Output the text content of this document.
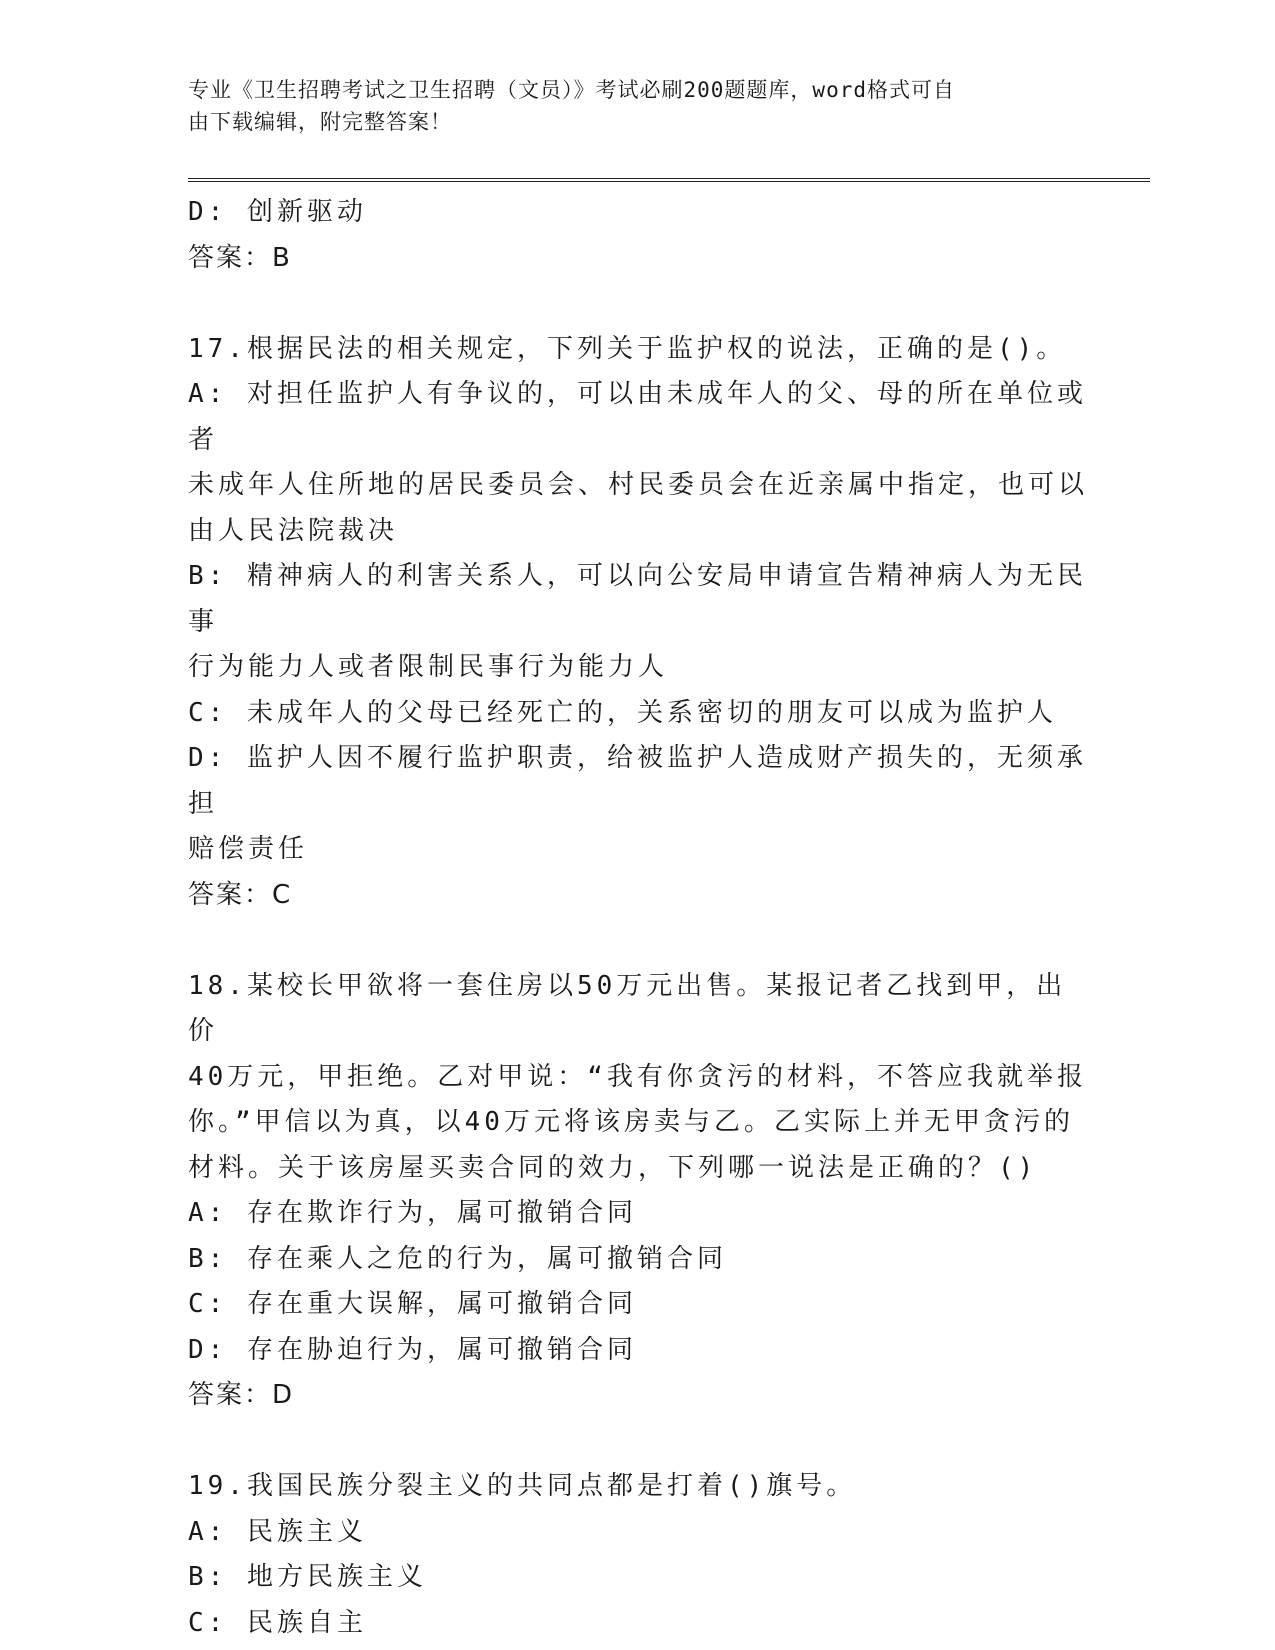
专业《卫生招聘考试之卫生招聘（文员）》考试必刷200题题库，word格式可自
由下载编辑，附完整答案！
D: 创新驱动
答案：B
17.根据民法的相关规定，下列关于监护权的说法，正确的是()。
A: 对担任监护人有争议的，可以由未成年人的父、母的所在单位或者
未成年人住所地的居民委员会、村民委员会在近亲属中指定，也可以
由人民法院裁决
B: 精神病人的利害关系人，可以向公安局申请宣告精神病人为无民事
行为能力人或者限制民事行为能力人
C: 未成年人的父母已经死亡的，关系密切的朋友可以成为监护人
D: 监护人因不履行监护职责，给被监护人造成财产损失的，无须承担
赔偿责任
答案：C
18.某校长甲欲将一套住房以50万元出售。某报记者乙找到甲，出价
40万元，甲拒绝。乙对甲说：“我有你贪污的材料，不答应我就举报
你。”甲信以为真，以40万元将该房卖与乙。乙实际上并无甲贪污的
材料。关于该房屋买卖合同的效力，下列哪一说法是正确的？()
A: 存在欺诈行为，属可撤销合同
B: 存在乘人之危的行为，属可撤销合同
C: 存在重大误解，属可撤销合同
D: 存在胁迫行为，属可撤销合同
答案：D
19.我国民族分裂主义的共同点都是打着()旗号。
A: 民族主义
B: 地方民族主义
C: 民族自主
